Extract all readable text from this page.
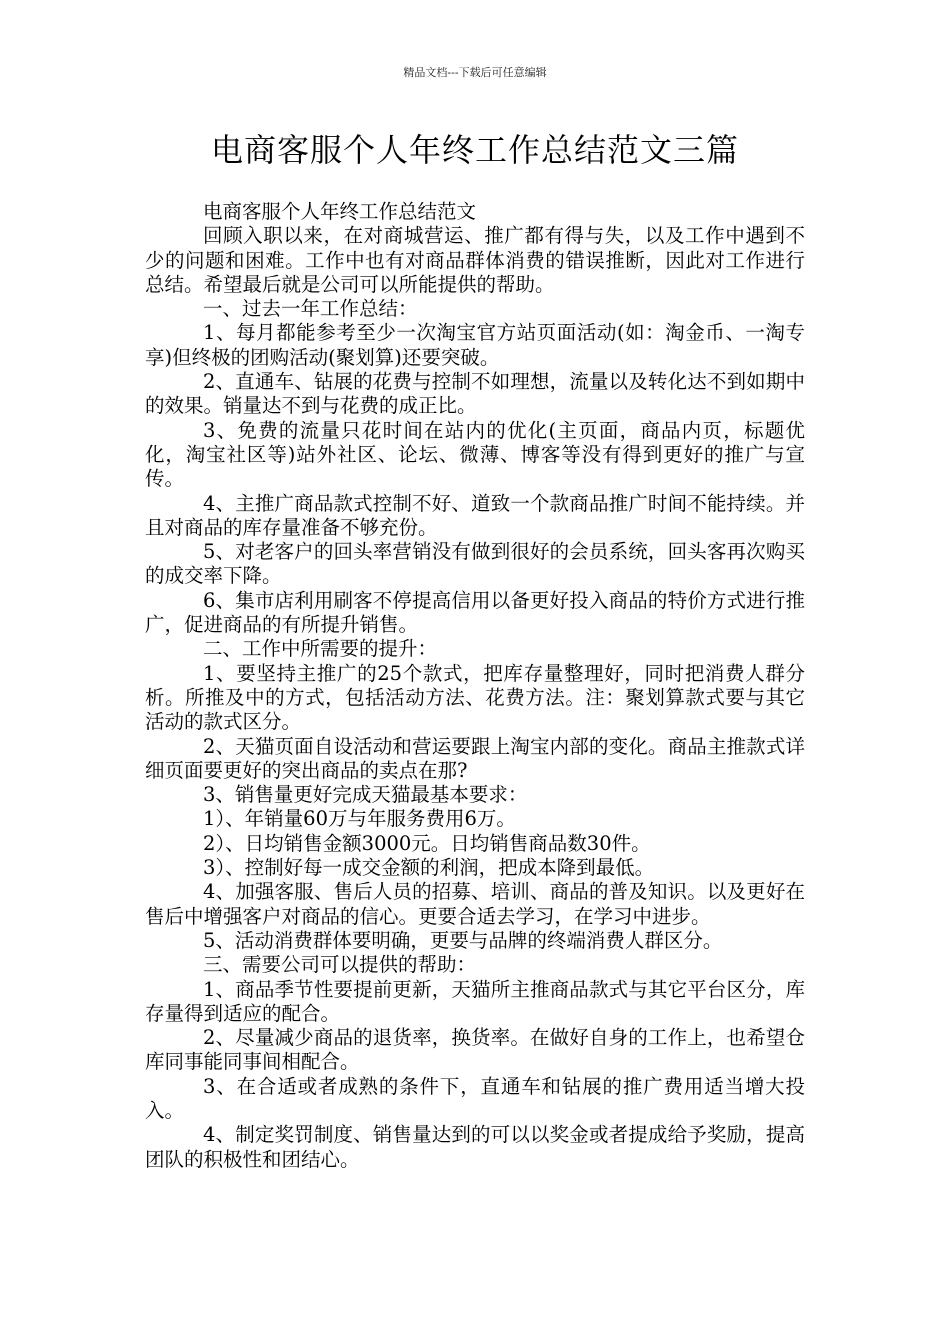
精品文档---下载后可任意编辑
电商客服个人年终工作总结范文三篇

电商客服个人年终工作总结范文

回顾入职以来，在对商城营运、推广都有得与失，以及工作中遇到不少的问题和困难。工作中也有对商品群体消费的错误推断，因此对工作进行总结。希望最后就是公司可以所能提供的帮助。

一、过去一年工作总结：

1、每月都能参考至少一次淘宝官方站页面活动(如：淘金币、一淘专享)但终极的团购活动(聚划算)还要突破。

2、直通车、钻展的花费与控制不如理想，流量以及转化达不到如期中的效果。销量达不到与花费的成正比。

3、免费的流量只花时间在站内的优化(主页面，商品内页，标题优化，淘宝社区等)站外社区、论坛、微薄、博客等没有得到更好的推广与宣传。

4、主推广商品款式控制不好、道致一个款商品推广时间不能持续。并且对商品的库存量准备不够充份。

5、对老客户的回头率营销没有做到很好的会员系统，回头客再次购买的成交率下降。

6、集市店利用刷客不停提高信用以备更好投入商品的特价方式进行推广，促进商品的有所提升销售。

二、工作中所需要的提升：

1、要坚持主推广的25个款式，把库存量整理好，同时把消费人群分析。所推及中的方式，包括活动方法、花费方法。注：聚划算款式要与其它活动的款式区分。

2、天猫页面自设活动和营运要跟上淘宝内部的变化。商品主推款式详细页面要更好的突出商品的卖点在那?

3、销售量更好完成天猫最基本要求：

1）、年销量60万与年服务费用6万。

2）、日均销售金额3000元。日均销售商品数30件。

3）、控制好每一成交金额的利润，把成本降到最低。

4、加强客服、售后人员的招募、培训、商品的普及知识。以及更好在售后中增强客户对商品的信心。更要合适去学习，在学习中进步。

5、活动消费群体要明确，更要与品牌的终端消费人群区分。

三、需要公司可以提供的帮助：

1、商品季节性要提前更新，天猫所主推商品款式与其它平台区分，库存量得到适应的配合。

2、尽量减少商品的退货率，换货率。在做好自身的工作上，也希望仓库同事能同事间相配合。

3、在合适或者成熟的条件下，直通车和钻展的推广费用适当增大投入。

4、制定奖罚制度、销售量达到的可以以奖金或者提成给予奖励，提高团队的积极性和团结心。
